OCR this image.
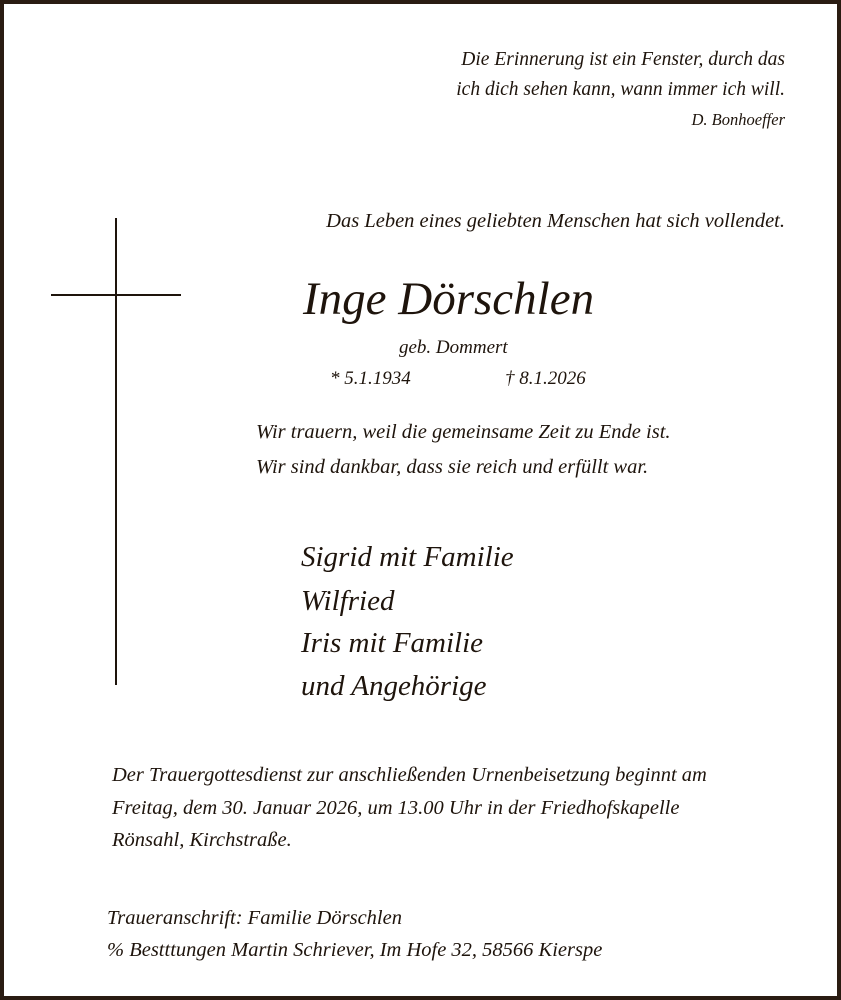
Die Erinnerung ist ein Fenster, durch das
ich dich sehen kann, wann immer ich will.
D. Bonhoeffer
Das Leben eines geliebten Menschen hat sich vollendet.
Inge Dörschlen
geb. Dommert
* 5.1.1934	† 8.1.2026
Wir trauern, weil die gemeinsame Zeit zu Ende ist.
Wir sind dankbar, dass sie reich und erfüllt war.
Sigrid mit Familie
Wilfried
Iris mit Familie
und Angehörige
Der Trauergottesdienst zur anschließenden Urnenbeisetzung beginnt am
Freitag, dem 30. Januar 2026, um 13.00 Uhr in der Friedhofskapelle
Rönsahl, Kirchstraße.
Traueranschrift: Familie Dörschlen
% Bestttungen Martin Schriever, Im Hofe 32, 58566 Kierspe
